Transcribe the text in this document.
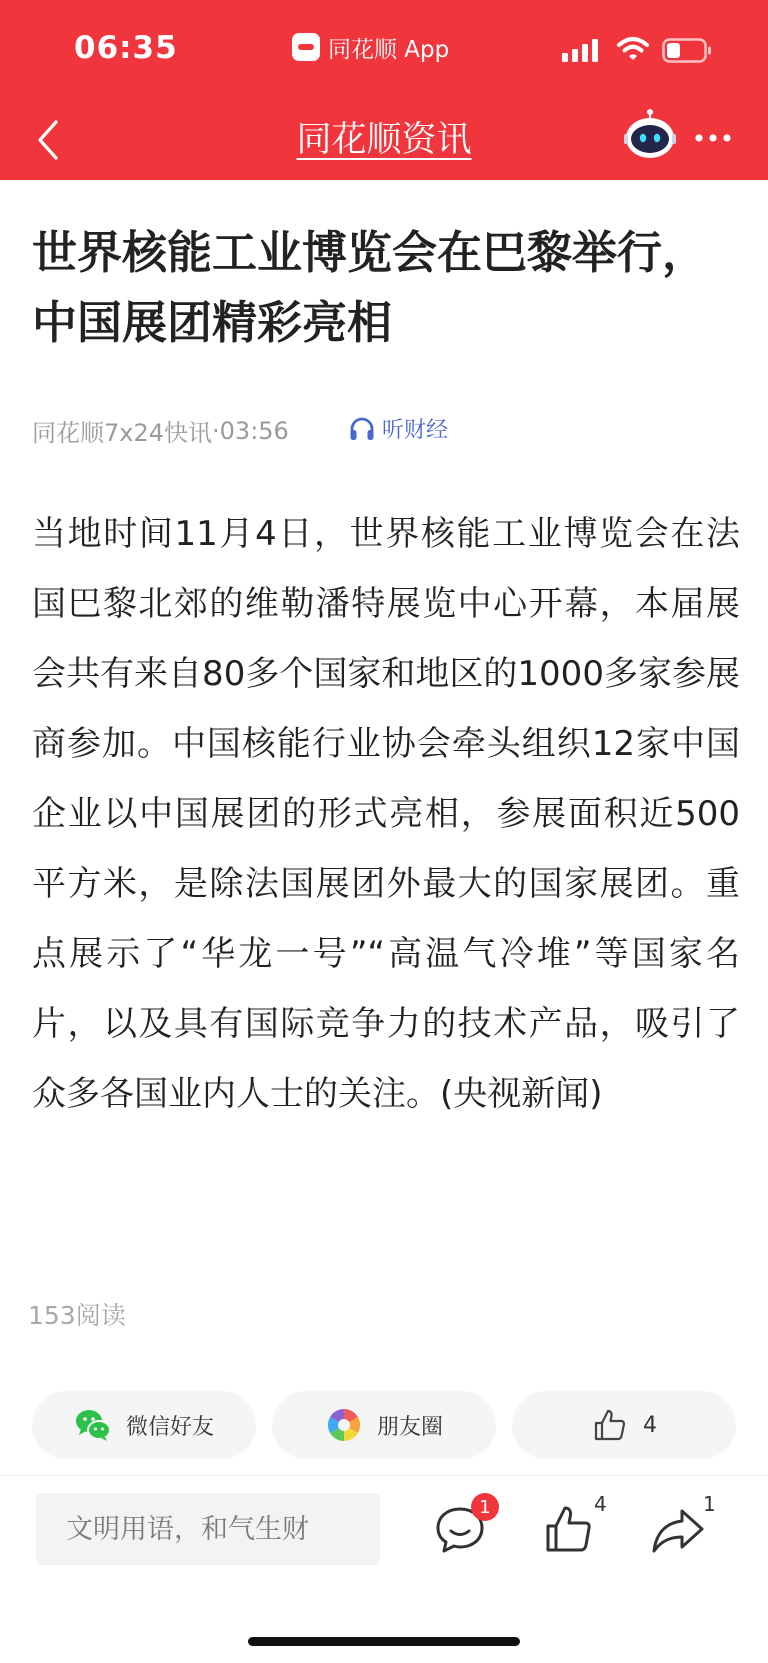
06:35	同花顺 App
同花顺资讯
世界核能工业博览会在巴黎举行，中国展团精彩亮相
同花顺7x24快讯 · 03:56	听财经

当地时间11月4日，世界核能工业博览会在法国巴黎北郊的维勒潘特展览中心开幕，本届展会共有来自80多个国家和地区的1000多家参展商参加。中国核能行业协会牵头组织12家中国企业以中国展团的形式亮相，参展面积近500平方米，是除法国展团外最大的国家展团。重点展示了“华龙一号”“高温气冷堆”等国家名片，以及具有国际竞争力的技术产品，吸引了众多各国业内人士的关注。(央视新闻)

153阅读
微信好友	朋友圈	4
文明用语，和气生财
1	4	1
